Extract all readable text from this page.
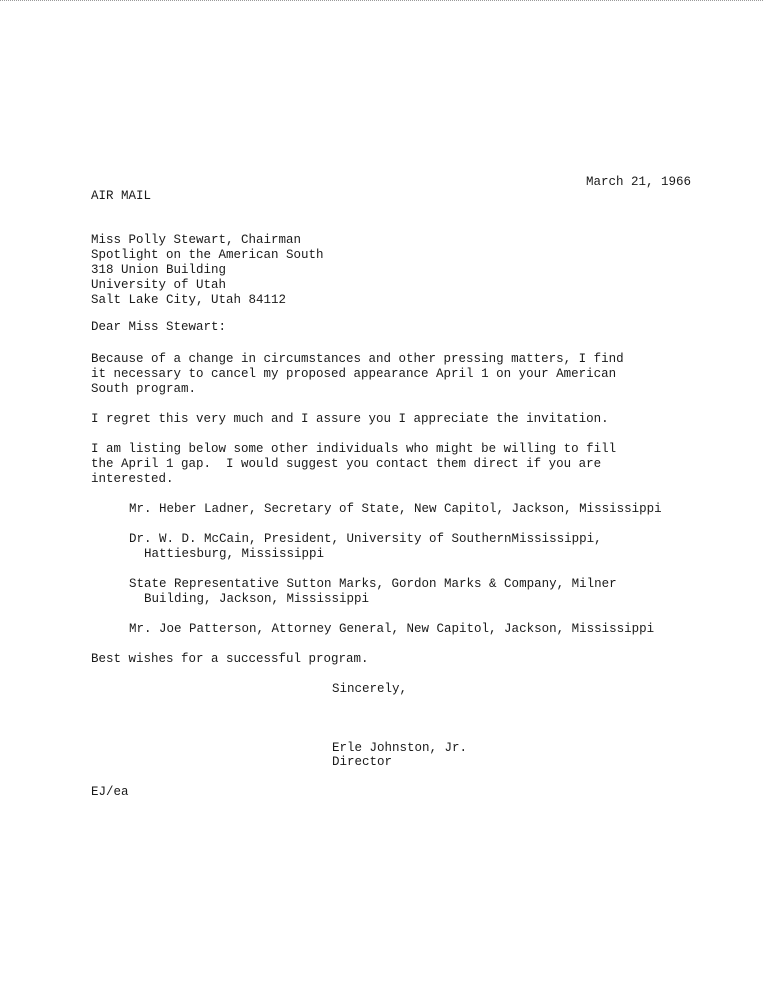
March 21, 1966
AIR MAIL
Miss Polly Stewart, Chairman
Spotlight on the American South
318 Union Building
University of Utah
Salt Lake City, Utah 84112
Dear Miss Stewart:
Because of a change in circumstances and other pressing matters, I find
it necessary to cancel my proposed appearance April 1 on your American
South program.
I regret this very much and I assure you I appreciate the invitation.
I am listing below some other individuals who might be willing to fill
the April 1 gap.  I would suggest you contact them direct if you are
interested.
Mr. Heber Ladner, Secretary of State, New Capitol, Jackson, Mississippi
Dr. W. D. McCain, President, University of SouthernMississippi,
Hattiesburg, Mississippi
State Representative Sutton Marks, Gordon Marks & Company, Milner
Building, Jackson, Mississippi
Mr. Joe Patterson, Attorney General, New Capitol, Jackson, Mississippi
Best wishes for a successful program.
Sincerely,
Erle Johnston, Jr.
Director
EJ/ea
